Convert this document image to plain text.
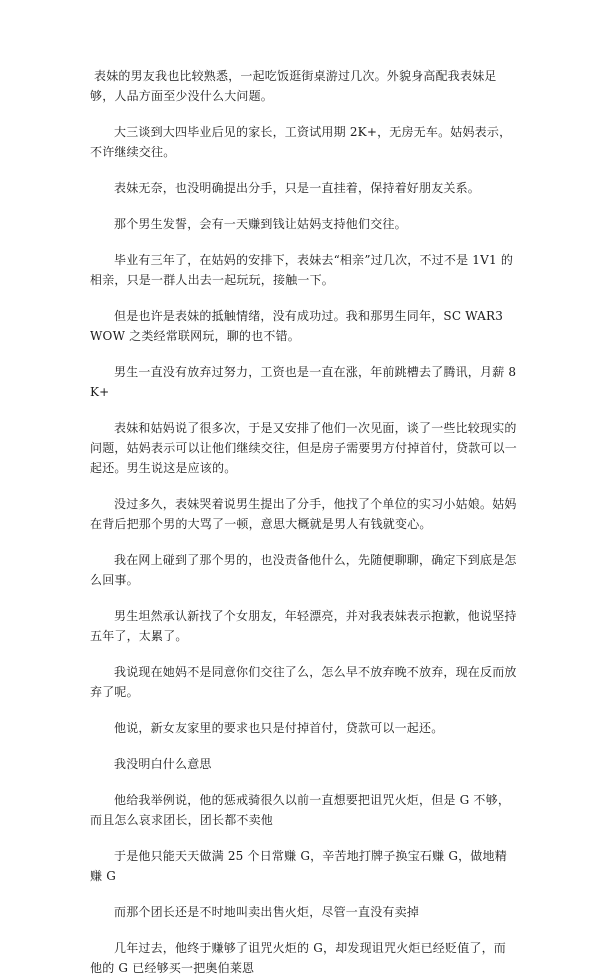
表妹的男友我也比较熟悉，一起吃饭逛街桌游过几次。外貌身高配我表妹足够，人品方面至少没什么大问题。

大三谈到大四毕业后见的家长，工资试用期 2K+，无房无车。姑妈表示，不许继续交往。

表妹无奈，也没明确提出分手，只是一直挂着，保持着好朋友关系。

那个男生发誓，会有一天赚到钱让姑妈支持他们交往。

毕业有三年了，在姑妈的安排下，表妹去“相亲”过几次，不过不是 1V1 的相亲，只是一群人出去一起玩玩，接触一下。

但是也许是表妹的抵触情绪，没有成功过。我和那男生同年，SC WAR3 WOW 之类经常联网玩，聊的也不错。

男生一直没有放弃过努力，工资也是一直在涨，年前跳槽去了腾讯，月薪 8K+

表妹和姑妈说了很多次，于是又安排了他们一次见面，谈了一些比较现实的问题，姑妈表示可以让他们继续交往，但是房子需要男方付掉首付，贷款可以一起还。男生说这是应该的。

没过多久，表妹哭着说男生提出了分手，他找了个单位的实习小姑娘。姑妈在背后把那个男的大骂了一顿，意思大概就是男人有钱就变心。

我在网上碰到了那个男的，也没责备他什么，先随便聊聊，确定下到底是怎么回事。

男生坦然承认新找了个女朋友，年轻漂亮，并对我表妹表示抱歉，他说坚持五年了，太累了。

我说现在她妈不是同意你们交往了么，怎么早不放弃晚不放弃，现在反而放弃了呢。

他说，新女友家里的要求也只是付掉首付，贷款可以一起还。

我没明白什么意思

他给我举例说，他的惩戒骑很久以前一直想要把诅咒火炬，但是 G 不够，而且怎么哀求团长，团长都不卖他

于是他只能天天做满 25 个日常赚 G，辛苦地打牌子换宝石赚 G，做地精赚 G

而那个团长还是不时地叫卖出售火炬，尽管一直没有卖掉

几年过去，他终于赚够了诅咒火炬的 G，却发现诅咒火炬已经贬值了，而他的 G 已经够买一把奥伯莱恩
